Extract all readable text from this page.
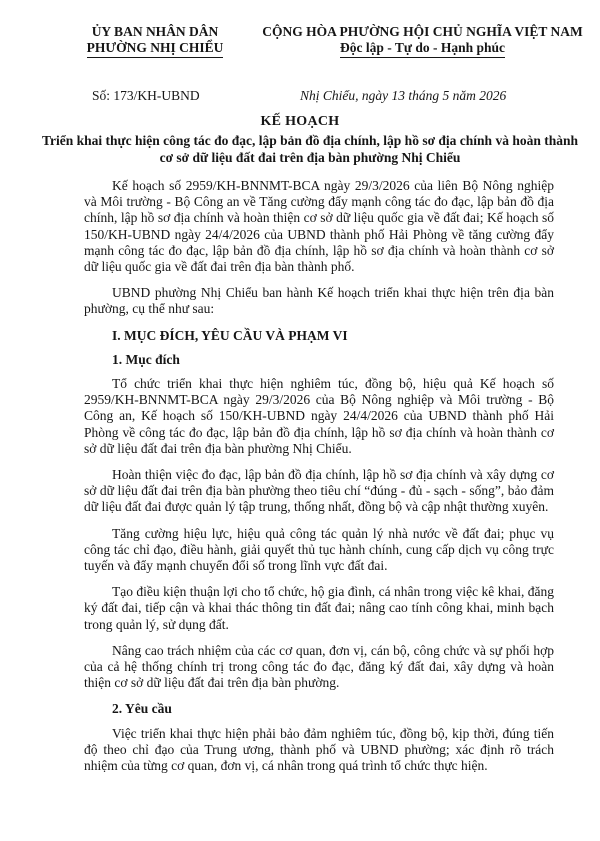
ỦY BAN NHÂN DÂN
PHƯỜNG NHỊ CHIỂU
CỘNG HÒA PHƯỜNG HỘI CHỦ NGHĨA VIỆT NAM
Độc lập - Tự do - Hạnh phúc
Số: 173/KH-UBND	Nhị Chiểu, ngày 13 tháng 5 năm 2026
KẾ HOẠCH
Triển khai thực hiện công tác đo đạc, lập bản đồ địa chính, lập hồ sơ địa chính và hoàn thành cơ sở dữ liệu đất đai trên địa bàn phường Nhị Chiểu

Kế hoạch số 2959/KH-BNNMT-BCA ngày 29/3/2026 của liên Bộ Nông nghiệp và Môi trường - Bộ Công an về Tăng cường đẩy mạnh công tác đo đạc, lập bản đồ địa chính, lập hồ sơ địa chính và hoàn thiện cơ sở dữ liệu quốc gia về đất đai; Kế hoạch số 150/KH-UBND ngày 24/4/2026 của UBND thành phố Hải Phòng về tăng cường đẩy mạnh công tác đo đạc, lập bản đồ địa chính, lập hồ sơ địa chính và hoàn thành cơ sở dữ liệu quốc gia về đất đai trên địa bàn thành phố.

UBND phường Nhị Chiểu ban hành Kế hoạch triển khai thực hiện trên địa bàn phường, cụ thể như sau:

I. MỤC ĐÍCH, YÊU CẦU VÀ PHẠM VI
1. Mục đích

Tổ chức triển khai thực hiện nghiêm túc, đồng bộ, hiệu quả Kế hoạch số 2959/KH-BNNMT-BCA ngày 29/3/2026 của Bộ Nông nghiệp và Môi trường - Bộ Công an, Kế hoạch số 150/KH-UBND ngày 24/4/2026 của UBND thành phố Hải Phòng về công tác đo đạc, lập bản đồ địa chính, lập hồ sơ địa chính và hoàn thành cơ sở dữ liệu đất đai trên địa bàn phường Nhị Chiểu.

Hoàn thiện việc đo đạc, lập bản đồ địa chính, lập hồ sơ địa chính và xây dựng cơ sở dữ liệu đất đai trên địa bàn phường theo tiêu chí “đúng - đủ - sạch - sống”, bảo đảm dữ liệu đất đai được quản lý tập trung, thống nhất, đồng bộ và cập nhật thường xuyên.

Tăng cường hiệu lực, hiệu quả công tác quản lý nhà nước về đất đai; phục vụ công tác chỉ đạo, điều hành, giải quyết thủ tục hành chính, cung cấp dịch vụ công trực tuyến và đẩy mạnh chuyển đổi số trong lĩnh vực đất đai.

Tạo điều kiện thuận lợi cho tổ chức, hộ gia đình, cá nhân trong việc kê khai, đăng ký đất đai, tiếp cận và khai thác thông tin đất đai; nâng cao tính công khai, minh bạch trong quản lý, sử dụng đất.

Nâng cao trách nhiệm của các cơ quan, đơn vị, cán bộ, công chức và sự phối hợp của cả hệ thống chính trị trong công tác đo đạc, đăng ký đất đai, xây dựng và hoàn thiện cơ sở dữ liệu đất đai trên địa bàn phường.

2. Yêu cầu

Việc triển khai thực hiện phải bảo đảm nghiêm túc, đồng bộ, kịp thời, đúng tiến độ theo chỉ đạo của Trung ương, thành phố và UBND phường; xác định rõ trách nhiệm của từng cơ quan, đơn vị, cá nhân trong quá trình tổ chức thực hiện.
